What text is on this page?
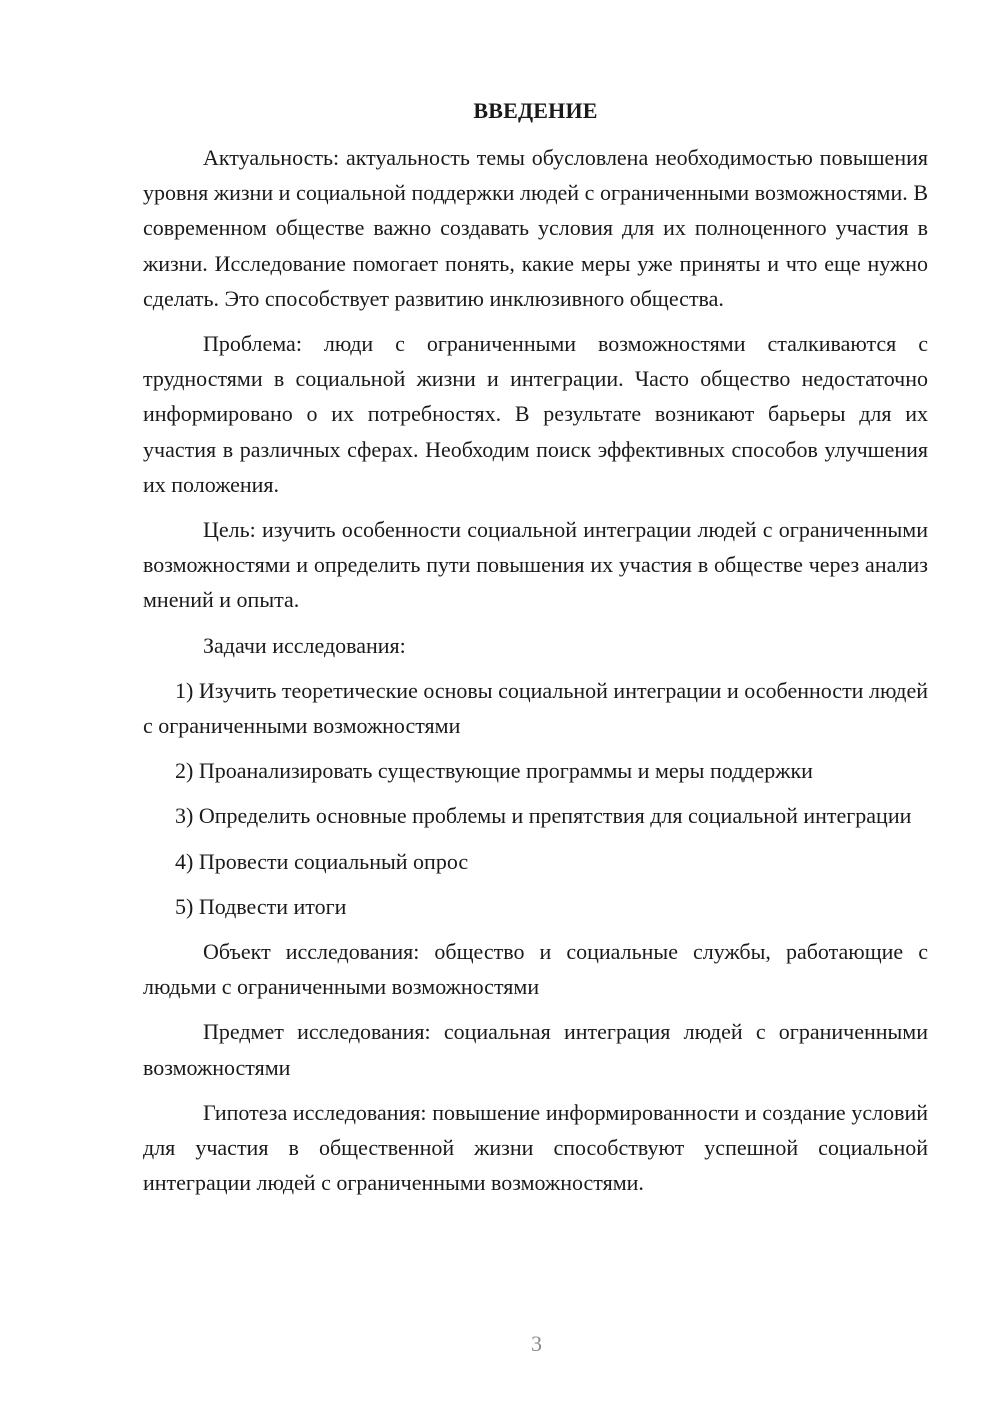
ВВЕДЕНИЕ

Актуальность: актуальность темы обусловлена необходимостью повышения уровня жизни и социальной поддержки людей с ограниченными возможностями. В современном обществе важно создавать условия для их полноценного участия в жизни. Исследование помогает понять, какие меры уже приняты и что еще нужно сделать. Это способствует развитию инклюзивного общества.

Проблема: люди с ограниченными возможностями сталкиваются с трудностями в социальной жизни и интеграции. Часто общество недостаточно информировано о их потребностях. В результате возникают барьеры для их участия в различных сферах. Необходим поиск эффективных способов улучшения их положения.

Цель: изучить особенности социальной интеграции людей с ограниченными возможностями и определить пути повышения их участия в обществе через анализ мнений и опыта.

Задачи исследования:

1) Изучить теоретические основы социальной интеграции и особенности людей с ограниченными возможностями

2) Проанализировать существующие программы и меры поддержки

3) Определить основные проблемы и препятствия для социальной интеграции

4) Провести социальный опрос

5) Подвести итоги

Объект исследования: общество и социальные службы, работающие с людьми с ограниченными возможностями

Предмет исследования: социальная интеграция людей с ограниченными возможностями

Гипотеза исследования: повышение информированности и создание условий для участия в общественной жизни способствуют успешной социальной интеграции людей с ограниченными возможностями.

3
